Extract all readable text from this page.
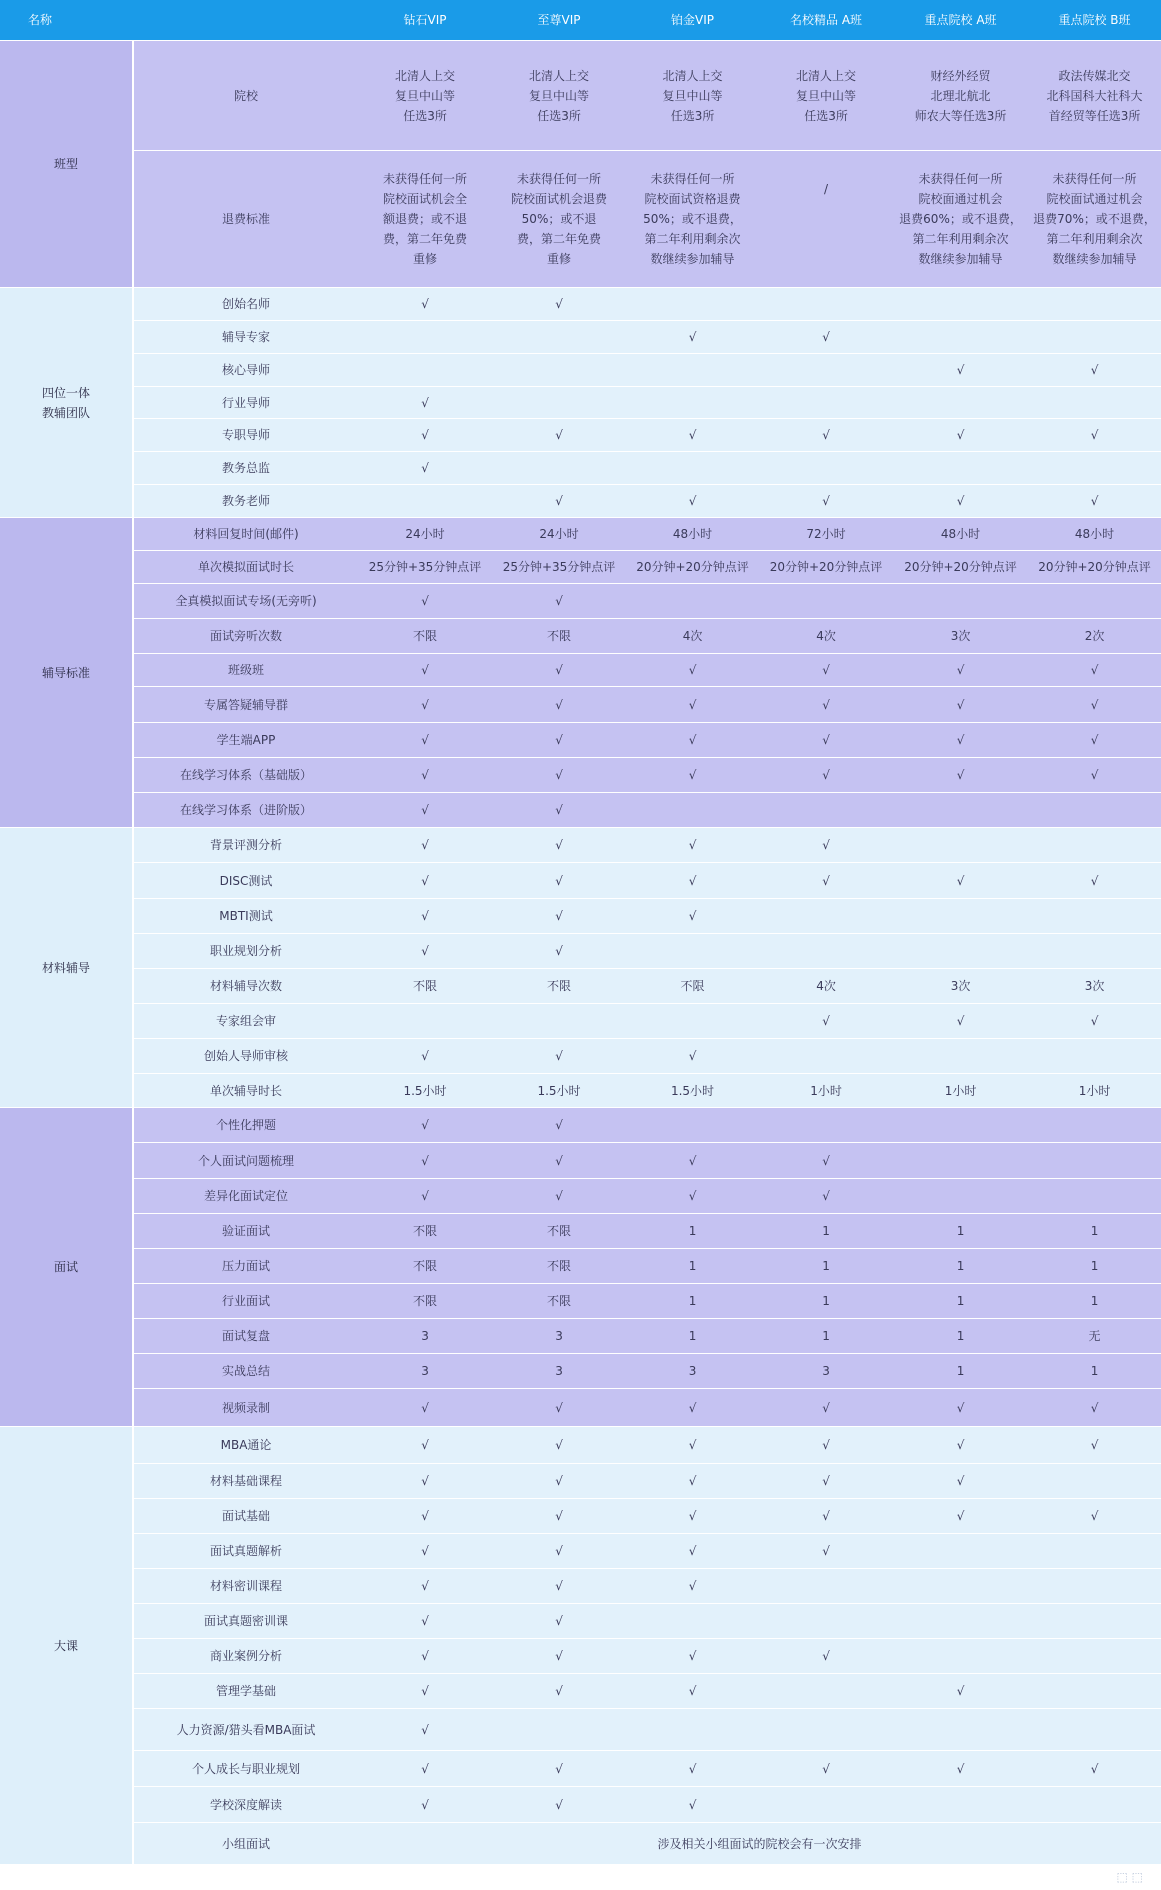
名称		钻石VIP	至尊VIP	铂金VIP	名校精品 A班	重点院校 A班	重点院校 B班
班型	院校	北清人上交
复旦中山等
任选3所	北清人上交
复旦中山等
任选3所	北清人上交
复旦中山等
任选3所	北清人上交
复旦中山等
任选3所	财经外经贸
北理北航北
师农大等任选3所	政法传媒北交
北科国科大社科大
首经贸等任选3所
	退费标准	未获得任何一所
院校面试机会全
额退费；或不退
费，第二年免费
重修	未获得任何一所
院校面试机会退费
50%；或不退
费，第二年免费
重修	未获得任何一所
院校面试资格退费
50%；或不退费，
第二年利用剩余次
数继续参加辅导	/	未获得任何一所
院校面通过机会
退费60%；或不退费，
第二年利用剩余次
数继续参加辅导	未获得任何一所
院校面试通过机会
退费70%；或不退费，
第二年利用剩余次
数继续参加辅导
四位一体
教辅团队	创始名师	√	√				
	辅导专家			√	√		
	核心导师					√	√
	行业导师	√					
	专职导师	√	√	√	√	√	√
	教务总监	√					
	教务老师		√	√	√	√	√
辅导标准	材料回复时间(邮件)	24小时	24小时	48小时	72小时	48小时	48小时
	单次模拟面试时长	25分钟+35分钟点评	25分钟+35分钟点评	20分钟+20分钟点评	20分钟+20分钟点评	20分钟+20分钟点评	20分钟+20分钟点评
	全真模拟面试专场(无旁听)	√	√				
	面试旁听次数	不限	不限	4次	4次	3次	2次
	班级班	√	√	√	√	√	√
	专属答疑辅导群	√	√	√	√	√	√
	学生端APP	√	√	√	√	√	√
	在线学习体系（基础版）	√	√	√	√	√	√
	在线学习体系（进阶版）	√	√				
材料辅导	背景评测分析	√	√	√	√		
	DISC测试	√	√	√	√	√	√
	MBTI测试	√	√	√			
	职业规划分析	√	√				
	材料辅导次数	不限	不限	不限	4次	3次	3次
	专家组会审				√	√	√
	创始人导师审核	√	√	√			
	单次辅导时长	1.5小时	1.5小时	1.5小时	1小时	1小时	1小时
面试	个性化押题	√	√				
	个人面试问题梳理	√	√	√	√		
	差异化面试定位	√	√	√	√		
	验证面试	不限	不限	1	1	1	1
	压力面试	不限	不限	1	1	1	1
	行业面试	不限	不限	1	1	1	1
	面试复盘	3	3	1	1	1	无
	实战总结	3	3	3	3	1	1
	视频录制	√	√	√	√	√	√
大课	MBA通论	√	√	√	√	√	√
	材料基础课程	√	√	√	√	√	
	面试基础	√	√	√	√	√	√
	面试真题解析	√	√	√	√		
	材料密训课程	√	√	√			
	面试真题密训课	√	√				
	商业案例分析	√	√	√	√		
	管理学基础	√	√	√		√	
	人力资源/猎头看MBA面试	√					
	个人成长与职业规划	√	√	√	√	√	√
	学校深度解读	√	√	√			
	小组面试	涉及相关小组面试的院校会有一次安排					
⬚ ⬚
